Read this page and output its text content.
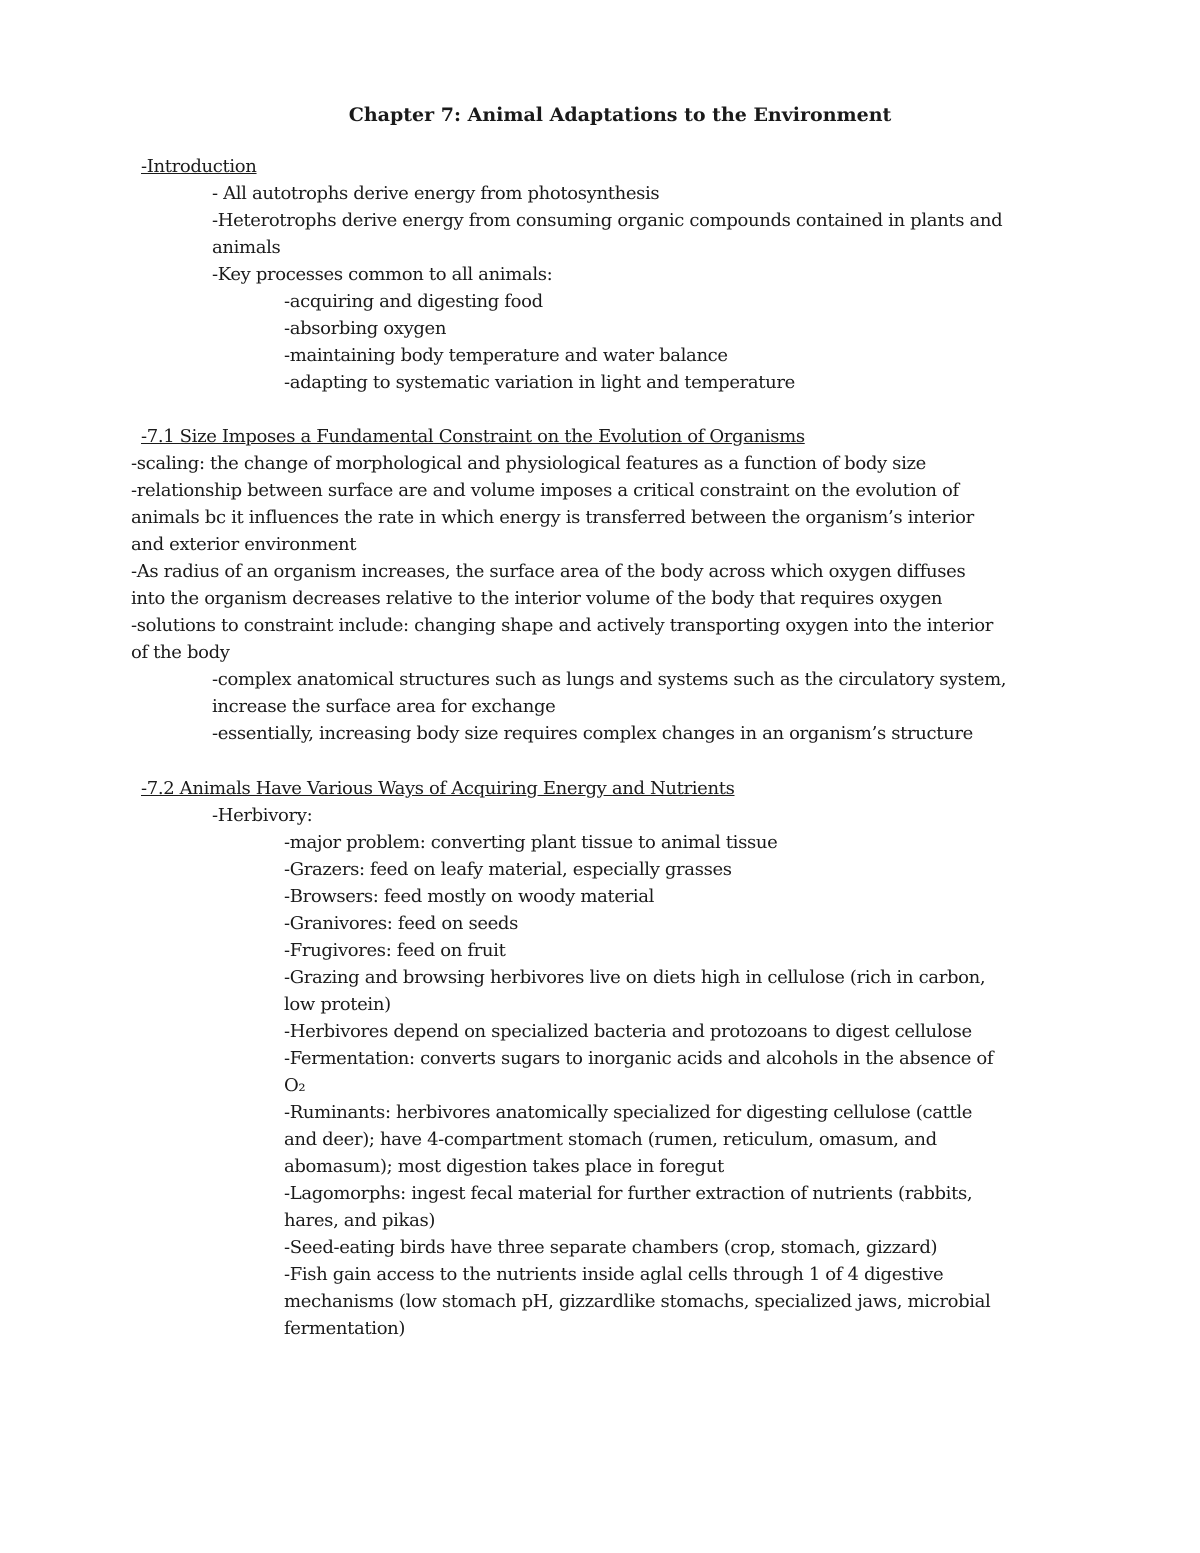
Chapter 7: Animal Adaptations to the Environment
-Introduction
- All autotrophs derive energy from photosynthesis
-Heterotrophs derive energy from consuming organic compounds contained in plants and
animals
-Key processes common to all animals:
-acquiring and digesting food
-absorbing oxygen
-maintaining body temperature and water balance
-adapting to systematic variation in light and temperature
-7.1 Size Imposes a Fundamental Constraint on the Evolution of Organisms
-scaling: the change of morphological and physiological features as a function of body size
-relationship between surface are and volume imposes a critical constraint on the evolution of
animals bc it influences the rate in which energy is transferred between the organism’s interior
and exterior environment
-As radius of an organism increases, the surface area of the body across which oxygen diffuses
into the organism decreases relative to the interior volume of the body that requires oxygen
-solutions to constraint include: changing shape and actively transporting oxygen into the interior
of the body
-complex anatomical structures such as lungs and systems such as the circulatory system,
increase the surface area for exchange
-essentially, increasing body size requires complex changes in an organism’s structure
-7.2 Animals Have Various Ways of Acquiring Energy and Nutrients
-Herbivory:
-major problem: converting plant tissue to animal tissue
-Grazers: feed on leafy material, especially grasses
-Browsers: feed mostly on woody material
-Granivores: feed on seeds
-Frugivores: feed on fruit
-Grazing and browsing herbivores live on diets high in cellulose (rich in carbon,
low protein)
-Herbivores depend on specialized bacteria and protozoans to digest cellulose
-Fermentation: converts sugars to inorganic acids and alcohols in the absence of
O₂
-Ruminants: herbivores anatomically specialized for digesting cellulose (cattle
and deer); have 4-compartment stomach (rumen, reticulum, omasum, and
abomasum); most digestion takes place in foregut
-Lagomorphs: ingest fecal material for further extraction of nutrients (rabbits,
hares, and pikas)
-Seed-eating birds have three separate chambers (crop, stomach, gizzard)
-Fish gain access to the nutrients inside aglal cells through 1 of 4 digestive
mechanisms (low stomach pH, gizzardlike stomachs, specialized jaws, microbial
fermentation)
